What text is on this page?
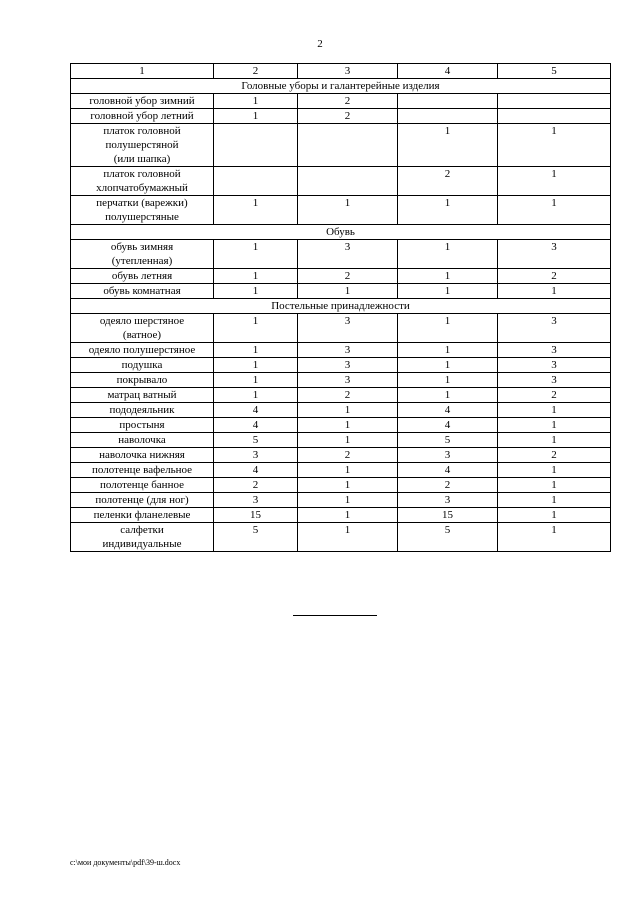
2
1	2	3	4	5
Головные уборы и галантерейные изделия				

головной убор зимний	1	2		

головной убор летний	1	2		

платок головной
полушерстяной
(или шапка)			1	1

платок головной
хлопчатобумажный			2	1

перчатки (варежки)
полушерстяные	1	1	1	1
Обувь				

обувь зимняя
(утепленная)	1	3	1	3

обувь летняя	1	2	1	2

обувь комнатная	1	1	1	1
Постельные принадлежности				

одеяло шерстяное
(ватное)	1	3	1	3

одеяло полушерстяное	1	3	1	3

подушка	1	3	1	3

покрывало	1	3	1	3

матрац ватный	1	2	1	2

пододеяльник	4	1	4	1

простыня	4	1	4	1

наволочка	5	1	5	1

наволочка нижняя	3	2	3	2

полотенце вафельное	4	1	4	1

полотенце банное	2	1	2	1

полотенце (для ног)	3	1	3	1

пеленки фланелевые	15	1	15	1

салфетки
индивидуальные	5	1	5	1
c:\мои документы\pdf\39-ш.docx
